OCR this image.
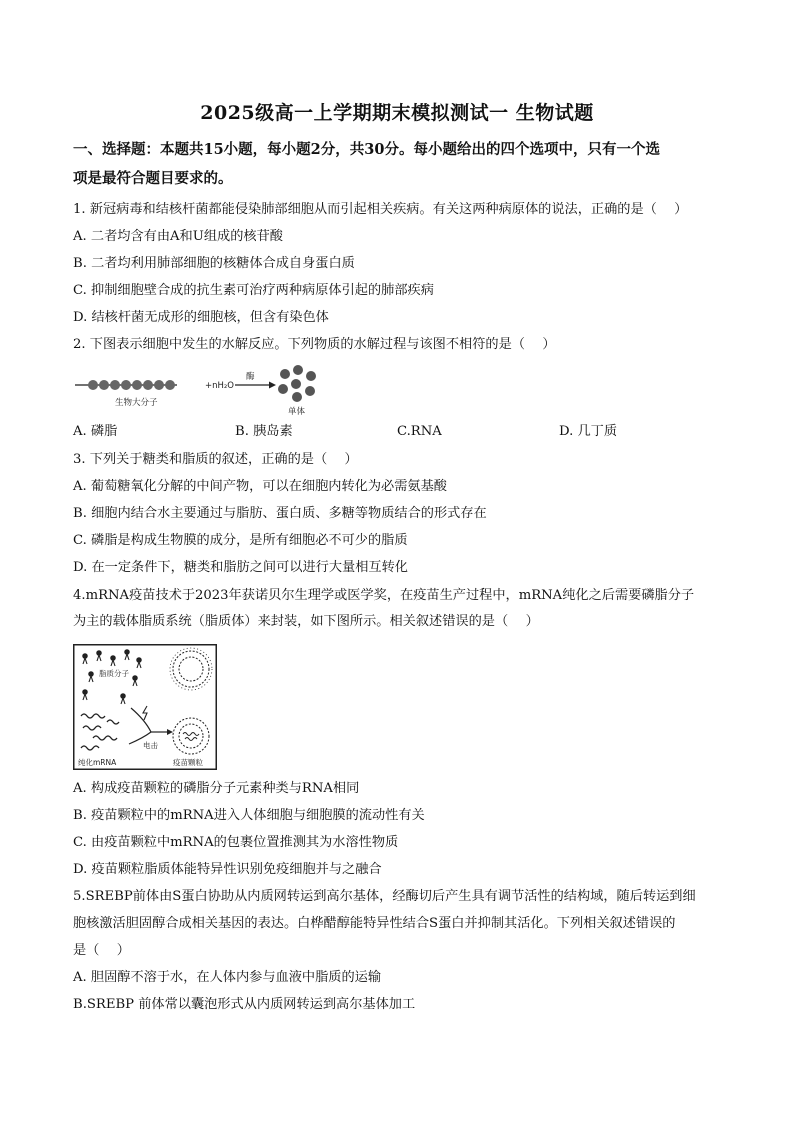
2025级高一上学期期末模拟测试一 生物试题
一、选择题：本题共15小题，每小题2分，共30分。每小题给出的四个选项中，只有一个选
项是最符合题目要求的。
1. 新冠病毒和结核杆菌都能侵染肺部细胞从而引起相关疾病。有关这两种病原体的说法，正确的是（　 ）
A. 二者均含有由A和U组成的核苷酸
B. 二者均利用肺部细胞的核糖体合成自身蛋白质
C. 抑制细胞壁合成的抗生素可治疗两种病原体引起的肺部疾病
D. 结核杆菌无成形的细胞核，但含有染色体
2. 下图表示细胞中发生的水解反应。下列物质的水解过程与该图不相符的是（　 ）
生物大分子
+nH₂O
酶
单体
A. 磷脂	B. 胰岛素	C.RNA	D. 几丁质
3. 下列关于糖类和脂质的叙述，正确的是（　 ）
A. 葡萄糖氧化分解的中间产物，可以在细胞内转化为必需氨基酸
B. 细胞内结合水主要通过与脂肪、蛋白质、多糖等物质结合的形式存在
C. 磷脂是构成生物膜的成分，是所有细胞必不可少的脂质
D. 在一定条件下，糖类和脂肪之间可以进行大量相互转化
4.mRNA疫苗技术于2023年获诺贝尔生理学或医学奖，在疫苗生产过程中，mRNA纯化之后需要磷脂分子
为主的载体脂质系统（脂质体）来封装，如下图所示。相关叙述错误的是（　 ）
脂质分子
电击
纯化mRNA	疫苗颗粒
A. 构成疫苗颗粒的磷脂分子元素种类与RNA相同
B. 疫苗颗粒中的mRNA进入人体细胞与细胞膜的流动性有关
C. 由疫苗颗粒中mRNA的包裹位置推测其为水溶性物质
D. 疫苗颗粒脂质体能特异性识别免疫细胞并与之融合
5.SREBP前体由S蛋白协助从内质网转运到高尔基体，经酶切后产生具有调节活性的结构域，随后转运到细
胞核激活胆固醇合成相关基因的表达。白桦醋醇能特异性结合S蛋白并抑制其活化。下列相关叙述错误的
是（　 ）
A. 胆固醇不溶于水，在人体内参与血液中脂质的运输
B.SREBP 前体常以囊泡形式从内质网转运到高尔基体加工
